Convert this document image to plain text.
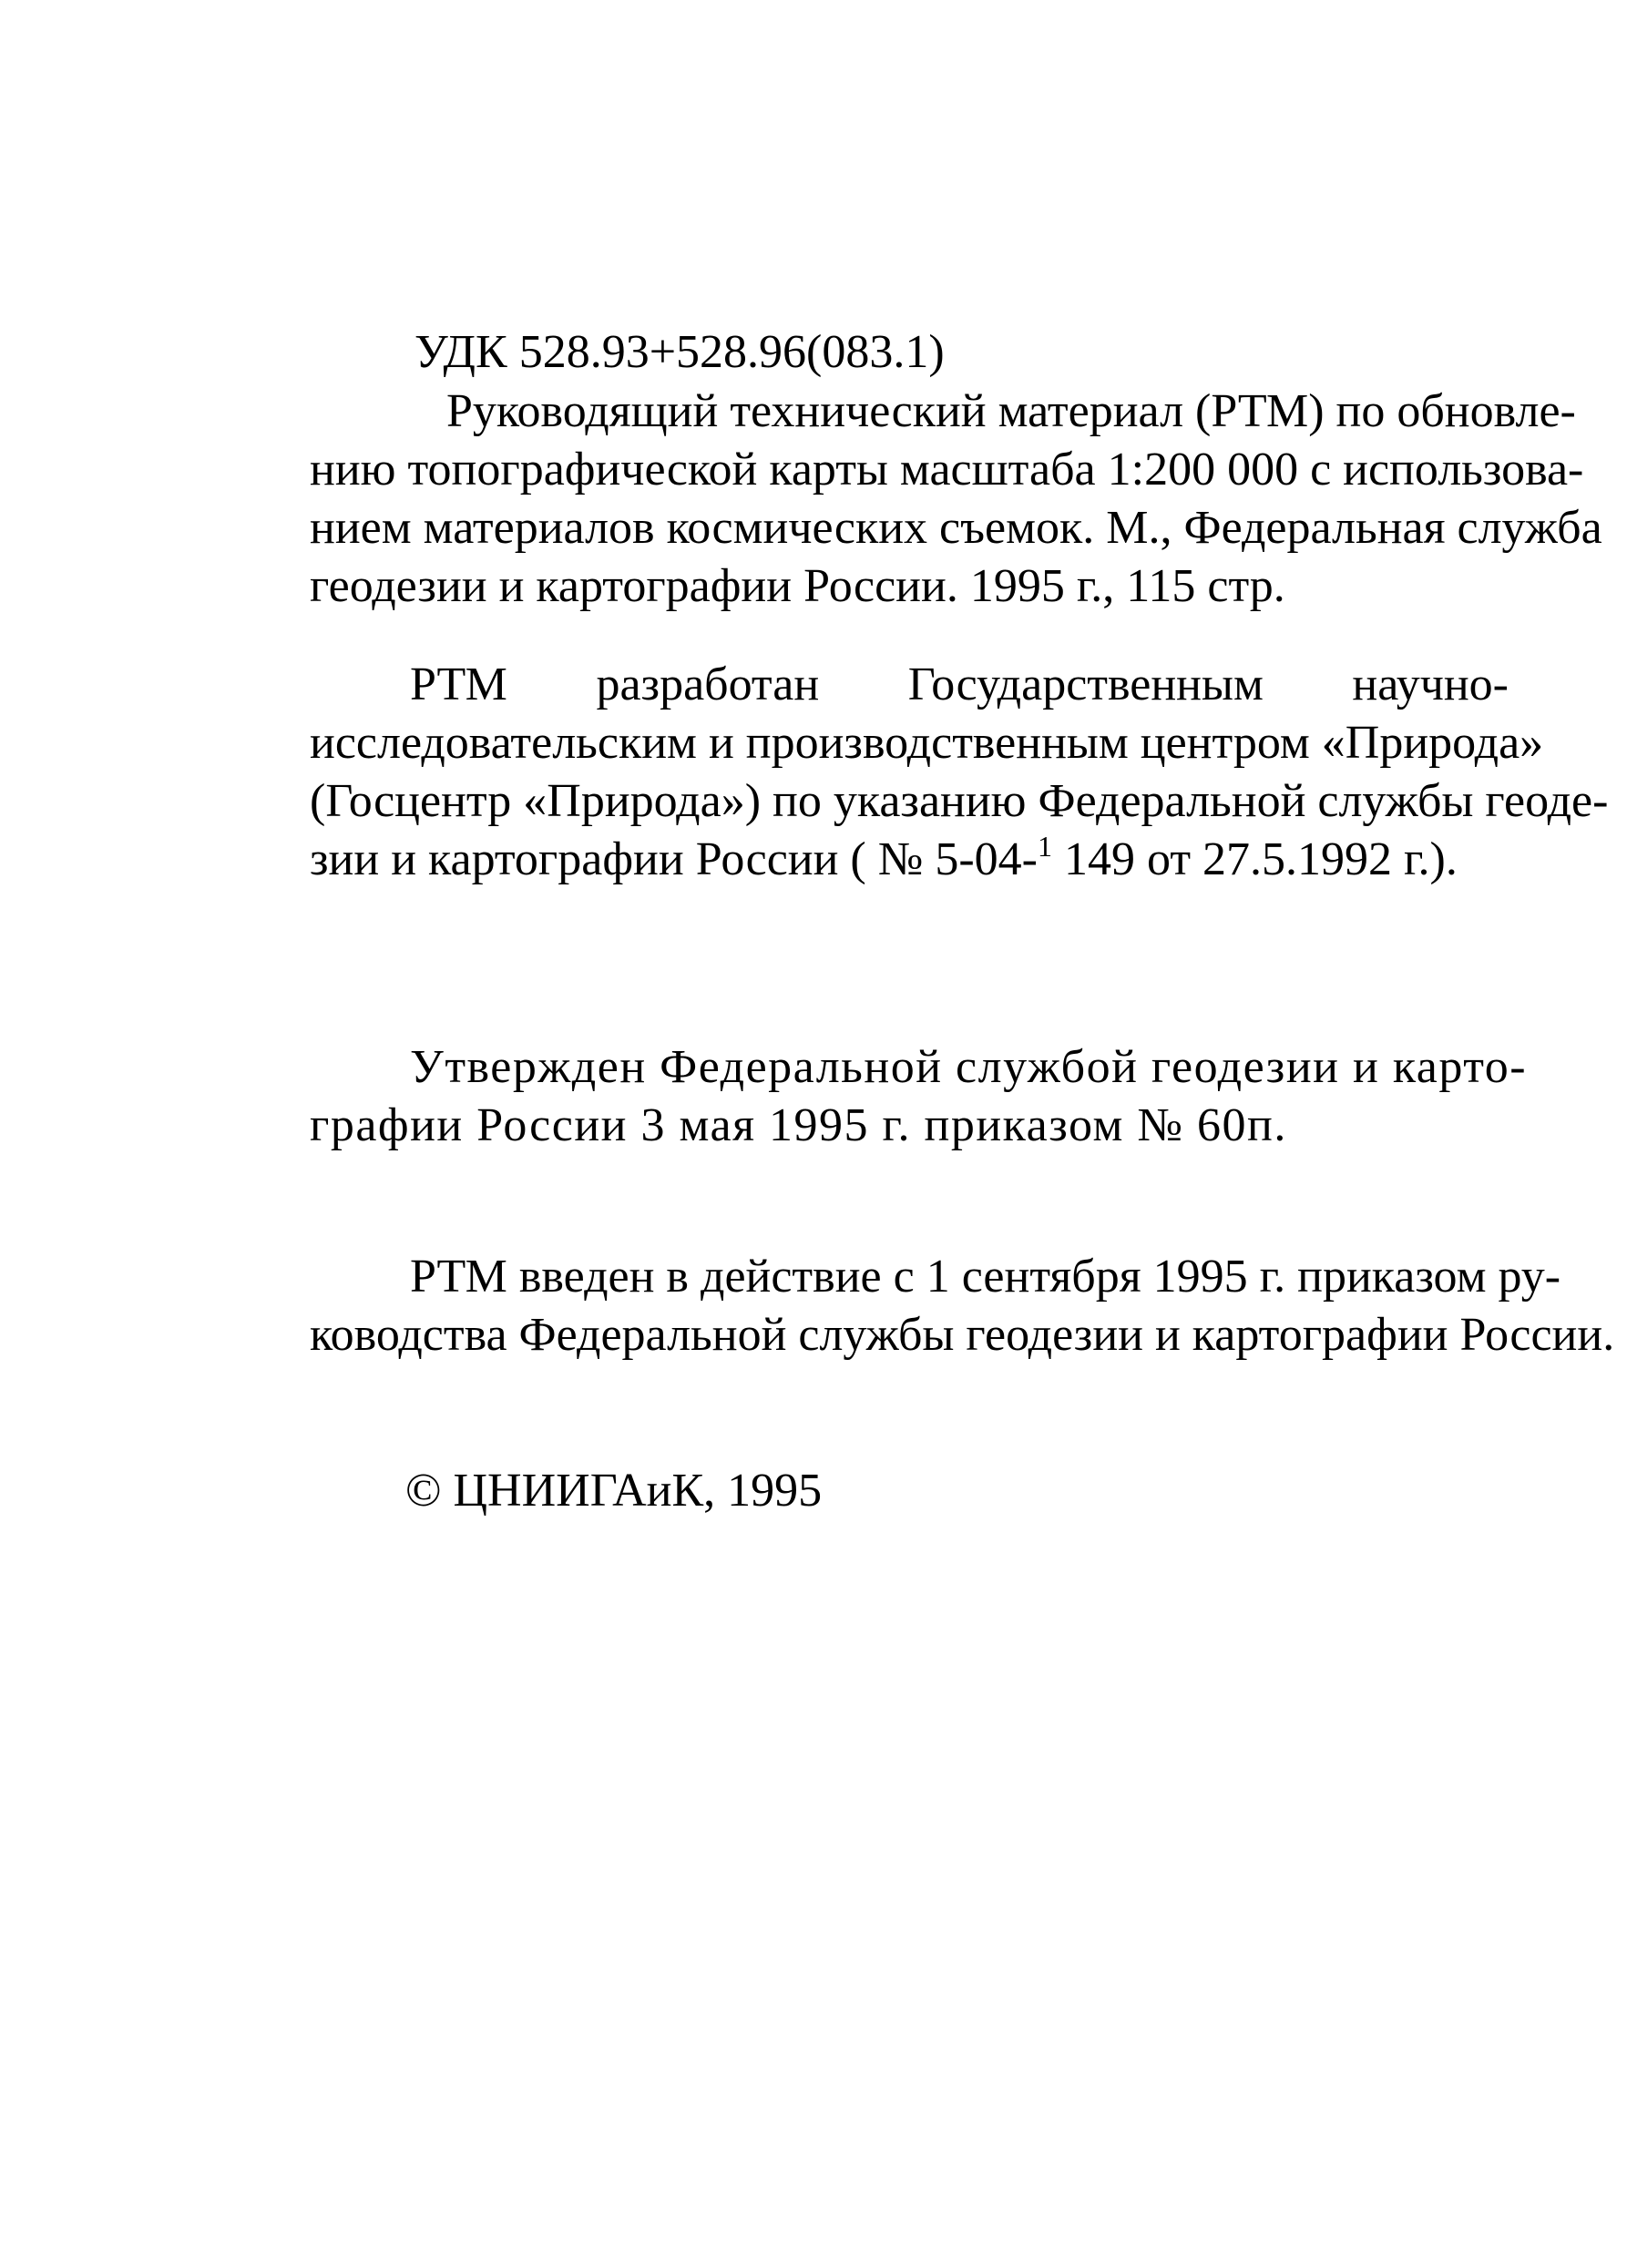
УДК 528.93+528.96(083.1)
Руководящий технический материал (РТМ) по обновле-
нию топографической карты масштаба 1:200 000 с использова-
нием материалов космических съемок. М., Федеральная служба
геодезии и картографии России. 1995 г., 115 стр.
РТМ разработан Государственным научно-
исследовательским и производственным центром «Природа»
(Госцентр «Природа») по указанию Федеральной службы геоде-
зии и картографии России ( № 5-04-$^1$ 149 от 27.5.1992 г.).
Утвержден Федеральной службой геодезии и карто-
графии России 3 мая 1995 г. приказом № 60п.
РТМ введен в действие с 1 сентября 1995 г. приказом ру-
ководства Федеральной службы геодезии и картографии России.
© ЦНИИГАиК, 1995
